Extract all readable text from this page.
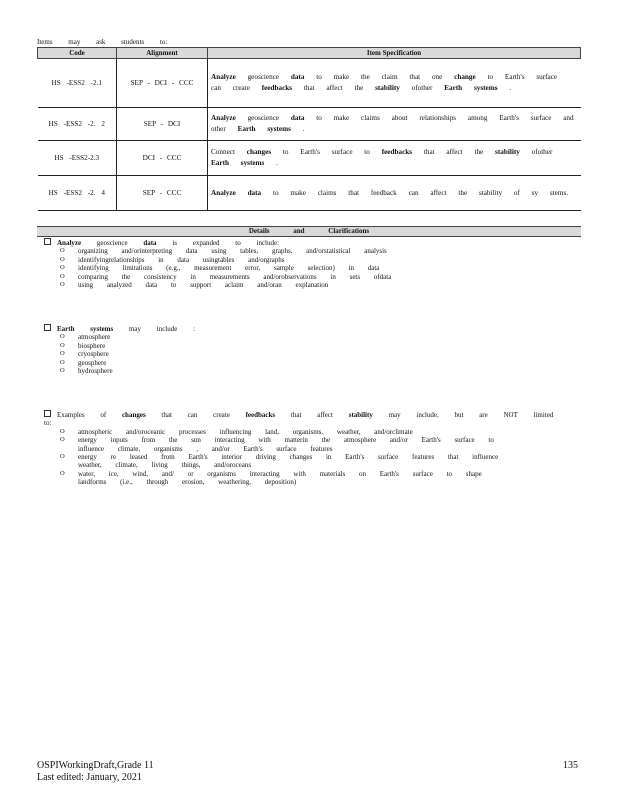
Items may ask students to:
Code	Alignment	Item Specification
HS -ESS2 -2.1	SEP - DCI - CCC	Analyze geoscience data to make the claim that one change to Earth's surface can create feedbacks that affect the stability ofother Earth systems .
HS -ESS2 -2. 2	SEP - DCI	Analyze geoscience data to make claims about relationships among Earth's surface and other Earth systems .
HS -ESS2-2.3	DCI - CCC	Connect changes to Earth's surface to feedbacks that affect the stability ofother Earth systems .
HS -ESS2 -2. 4	SEP - CCC	Analyze data to make claims that feedback can affect the stability of sy stems.
Details and Clarifications
Analyze geoscience data is expanded to include:
O organizing and/orinterpreting data using tables, graphs, and/orstatistical analysis
O identifyingrelationships in data usingtables and/orgraphs
O identifying limitations (e.g., measurement error, sample selection) in data
O comparing the consistency in measurements and/orobservations in sets ofdata
O using analyzed data to support aclaim and/oran explanation
Earth systems may include :
O atmosphere
O biosphere
O cryosphere
O geosphere
O hydrosphere
Examples of changes that can create feedbacks that affect stability may include, but are NOT limited to:
O atmospheric and/oroceanic processes influencing land, organisms, weather, and/orclimate
O energy inputs from the sun interacting with matterin the atmosphere and/or Earth's surface to
influence climate, organisms , and/or Earth's surface features
O energy re leased from Earth's interior driving changes in Earth's surface features that influence
weather, climate, living things, and/oroceans
O water, ice, wind, and/ or organisms interacting with materials on Earth's surface to shape
landforms (i.e., through erosion, weathering, deposition)
OSPIWorkingDraft,Grade 11
Last edited: January, 2021
135
